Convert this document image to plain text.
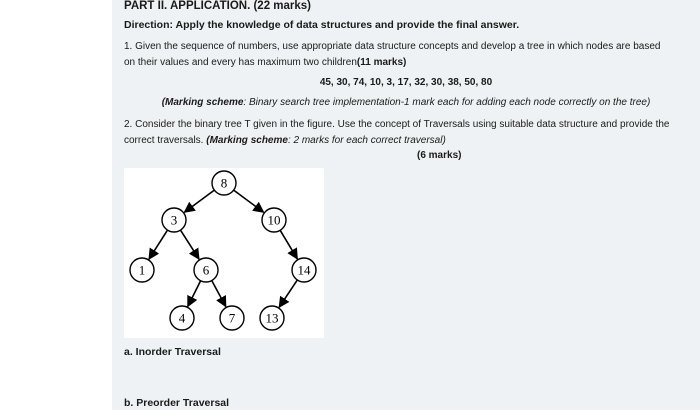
PART II. APPLICATION. (22 marks)
Direction: Apply the knowledge of data structures and provide the final answer.
1. Given the sequence of numbers, use appropriate data structure concepts and develop a tree in which nodes are based
on their values and every has maximum two children(11 marks)
45, 30, 74, 10, 3, 17, 32, 30, 38, 50, 80
(Marking scheme: Binary search tree implementation-1 mark each for adding each node correctly on the tree)
2. Consider the binary tree T given in the figure. Use the concept of Traversals using suitable data structure and provide the
correct traversals. (Marking scheme: 2 marks for each correct traversal)
(6 marks)
8
3	10
1	6	14
4	7 13
a. Inorder Traversal
b. Preorder Traversal
